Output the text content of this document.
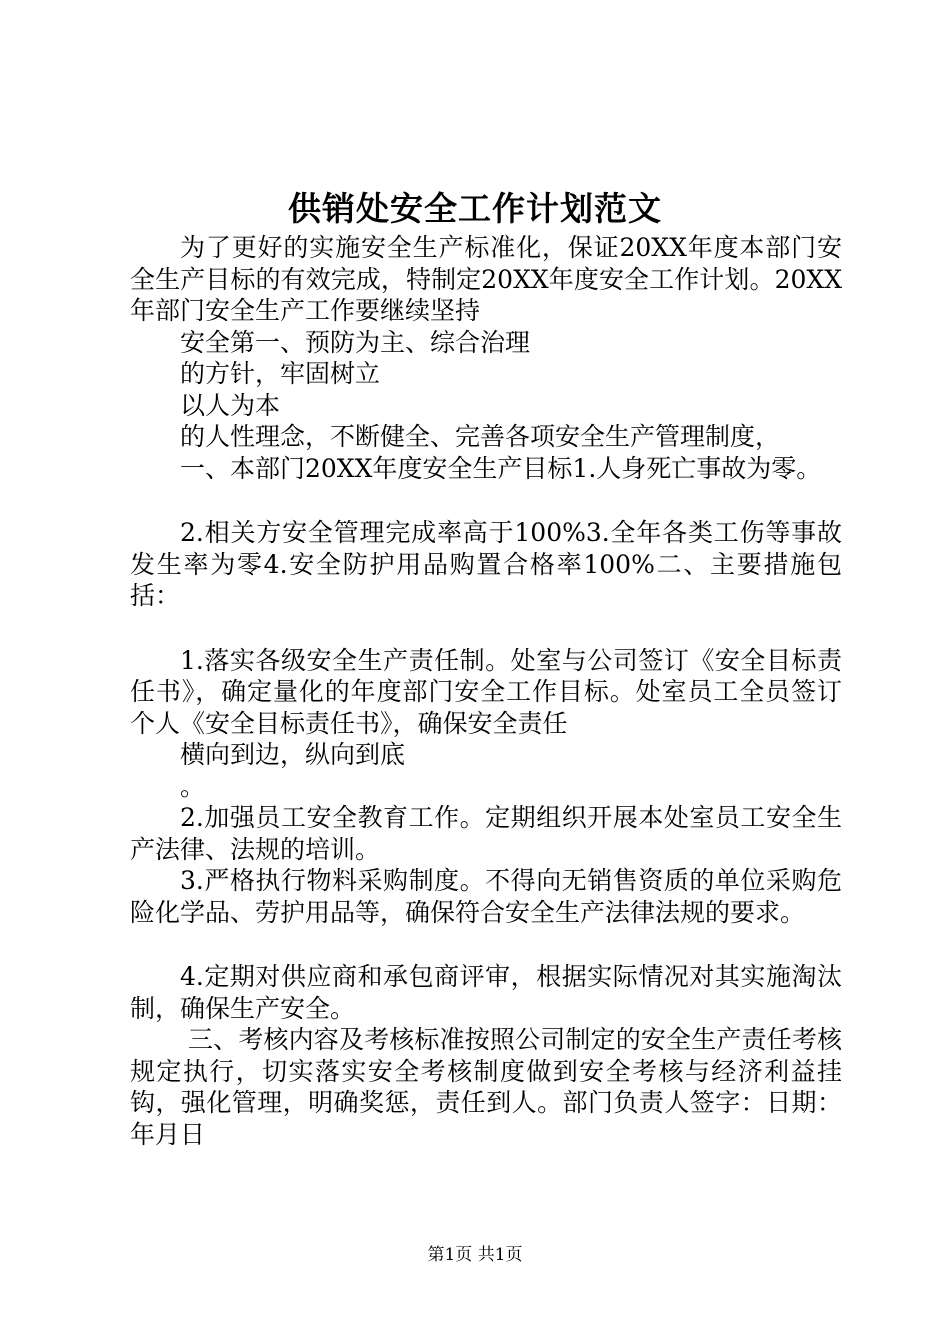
供销处安全工作计划范文

为了更好的实施安全生产标准化，保证20XX年度本部门安全生产目标的有效完成，特制定20XX年度安全工作计划。20XX年部门安全生产工作要继续坚持

安全第一、预防为主、综合治理

的方针，牢固树立

以人为本

的人性理念，不断健全、完善各项安全生产管理制度，

一、本部门20XX年度安全生产目标1.人身死亡事故为零。

2.相关方安全管理完成率高于100%3.全年各类工伤等事故发生率为零4.安全防护用品购置合格率100%二、主要措施包括：

1.落实各级安全生产责任制。处室与公司签订《安全目标责任书》，确定量化的年度部门安全工作目标。处室员工全员签订个人《安全目标责任书》，确保安全责任

横向到边，纵向到底

。

2.加强员工安全教育工作。定期组织开展本处室员工安全生产法律、法规的培训。

3.严格执行物料采购制度。不得向无销售资质的单位采购危险化学品、劳护用品等，确保符合安全生产法律法规的要求。

4.定期对供应商和承包商评审，根据实际情况对其实施淘汰制，确保生产安全。

三、考核内容及考核标准按照公司制定的安全生产责任考核规定执行，切实落实安全考核制度做到安全考核与经济利益挂钩，强化管理，明确奖惩，责任到人。部门负责人签字：日期：年月日

第1页 共1页
